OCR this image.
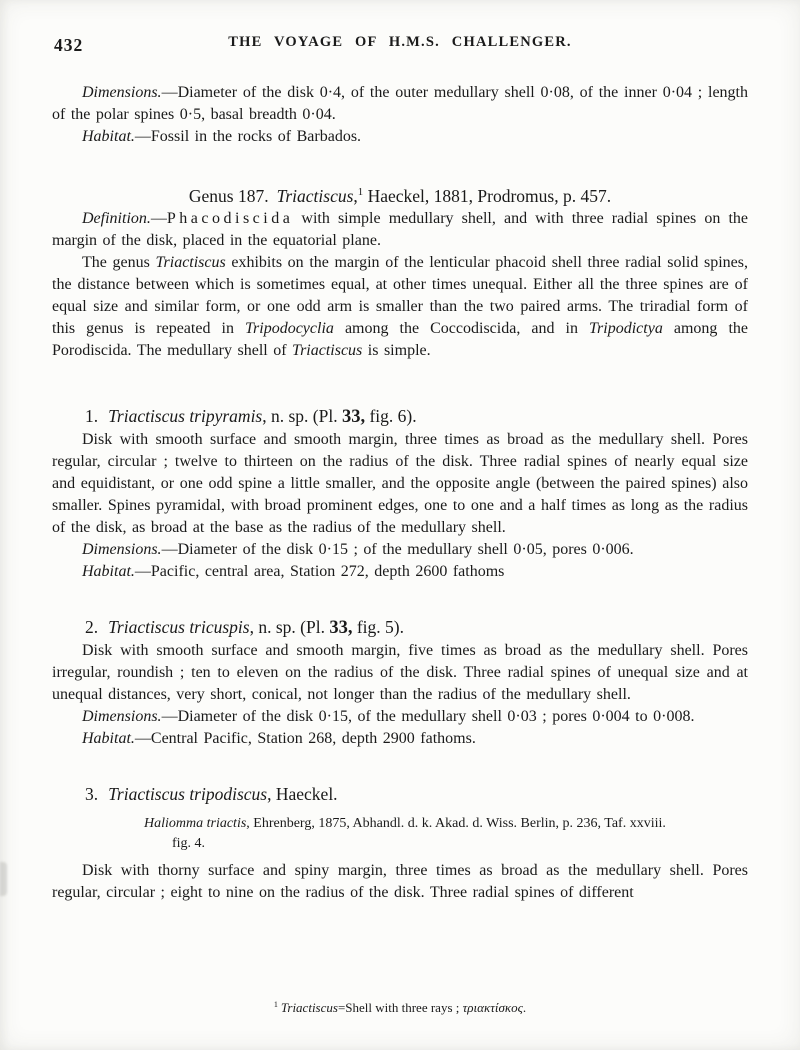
432	THE VOYAGE OF H.M.S. CHALLENGER.

Dimensions.—Diameter of the disk 0·4, of the outer medullary shell 0·08, of the inner 0·04 ; length of the polar spines 0·5, basal breadth 0·04.

Habitat.—Fossil in the rocks of Barbados.

Genus 187. Triactiscus,$^1$ Haeckel, 1881, Prodromus, p. 457.

Definition.—Phacodiscida with simple medullary shell, and with three radial spines on the margin of the disk, placed in the equatorial plane.

The genus Triactiscus exhibits on the margin of the lenticular phacoid shell three radial solid spines, the distance between which is sometimes equal, at other times unequal. Either all the three spines are of equal size and similar form, or one odd arm is smaller than the two paired arms. The triradial form of this genus is repeated in Tripodocyclia among the Coccodiscida, and in Tripodictya among the Porodiscida. The medullary shell of Triactiscus is simple.

1. Triactiscus tripyramis, n. sp. (Pl. 33, fig. 6).

Disk with smooth surface and smooth margin, three times as broad as the medullary shell. Pores regular, circular ; twelve to thirteen on the radius of the disk. Three radial spines of nearly equal size and equidistant, or one odd spine a little smaller, and the opposite angle (between the paired spines) also smaller. Spines pyramidal, with broad prominent edges, one to one and a half times as long as the radius of the disk, as broad at the base as the radius of the medullary shell.

Dimensions.—Diameter of the disk 0·15 ; of the medullary shell 0·05, pores 0·006.

Habitat.—Pacific, central area, Station 272, depth 2600 fathoms

2. Triactiscus tricuspis, n. sp. (Pl. 33, fig. 5).

Disk with smooth surface and smooth margin, five times as broad as the medullary shell. Pores irregular, roundish ; ten to eleven on the radius of the disk. Three radial spines of unequal size and at unequal distances, very short, conical, not longer than the radius of the medullary shell.

Dimensions.—Diameter of the disk 0·15, of the medullary shell 0·03 ; pores 0·004 to 0·008.

Habitat.—Central Pacific, Station 268, depth 2900 fathoms.

3. Triactiscus tripodiscus, Haeckel.
Haliomma triactis, Ehrenberg, 1875, Abhandl. d. k. Akad. d. Wiss. Berlin, p. 236, Taf. xxviii.
fig. 4.

Disk with thorny surface and spiny margin, three times as broad as the medullary shell. Pores regular, circular ; eight to nine on the radius of the disk. Three radial spines of different

$^1$ Triactiscus=Shell with three rays ; τριακτίσκος.
